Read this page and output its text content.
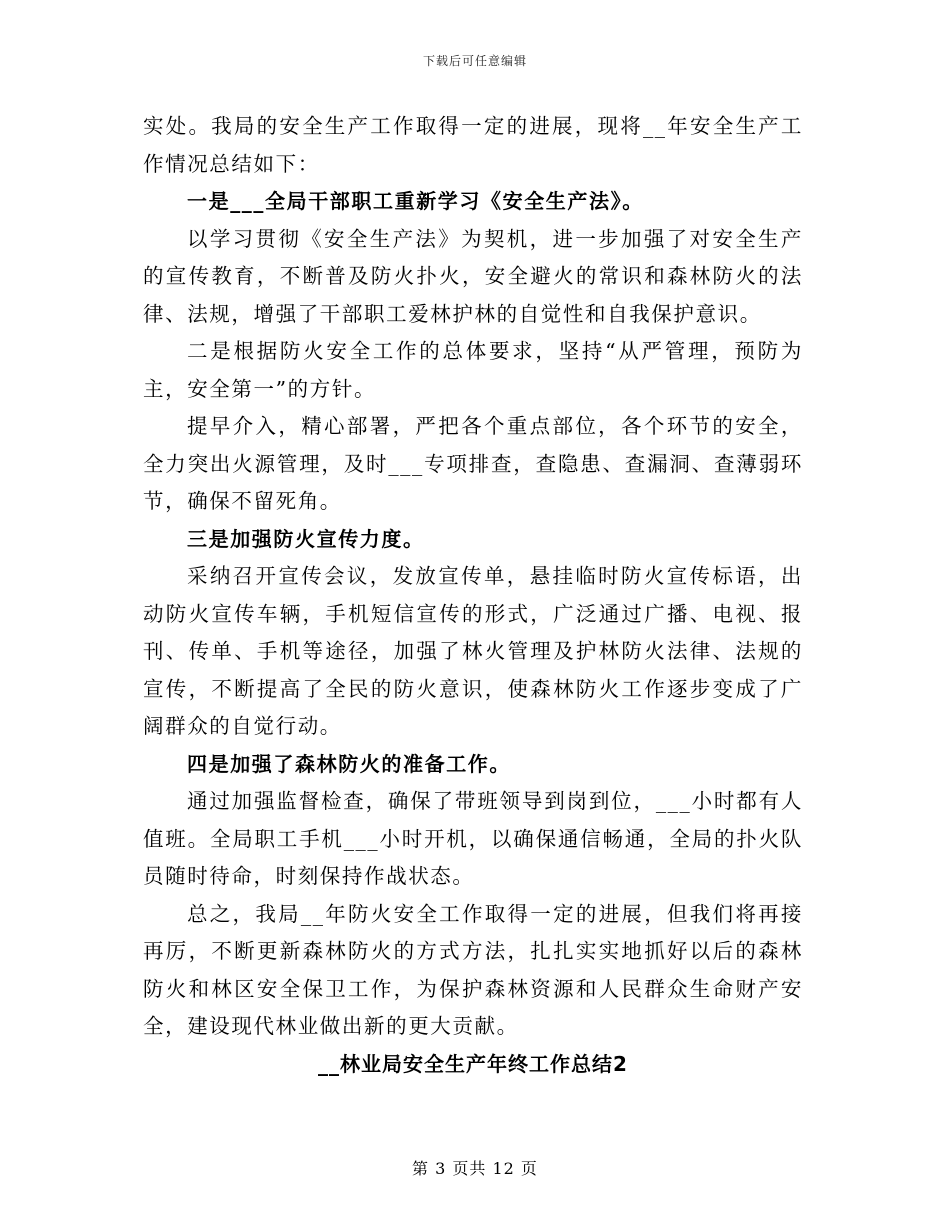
下载后可任意编辑

实处。我局的安全生产工作取得一定的进展，现将__年安全生产工作情况总结如下：

一是___全局干部职工重新学习《安全生产法》。

以学习贯彻《安全生产法》为契机，进一步加强了对安全生产的宣传教育，不断普及防火扑火，安全避火的常识和森林防火的法律、法规，增强了干部职工爱林护林的自觉性和自我保护意识。

二是根据防火安全工作的总体要求，坚持“从严管理，预防为主，安全第一”的方针。

提早介入，精心部署，严把各个重点部位，各个环节的安全，全力突出火源管理，及时___专项排查，查隐患、查漏洞、查薄弱环节，确保不留死角。

三是加强防火宣传力度。

采纳召开宣传会议，发放宣传单，悬挂临时防火宣传标语，出动防火宣传车辆，手机短信宣传的形式，广泛通过广播、电视、报刊、传单、手机等途径，加强了林火管理及护林防火法律、法规的宣传，不断提高了全民的防火意识，使森林防火工作逐步变成了广阔群众的自觉行动。

四是加强了森林防火的准备工作。

通过加强监督检查，确保了带班领导到岗到位，___小时都有人值班。全局职工手机___小时开机，以确保通信畅通，全局的扑火队员随时待命，时刻保持作战状态。

总之，我局__年防火安全工作取得一定的进展，但我们将再接再厉，不断更新森林防火的方式方法，扎扎实实地抓好以后的森林防火和林区安全保卫工作，为保护森林资源和人民群众生命财产安全，建设现代林业做出新的更大贡献。

__林业局安全生产年终工作总结2

第 3 页共 12 页
